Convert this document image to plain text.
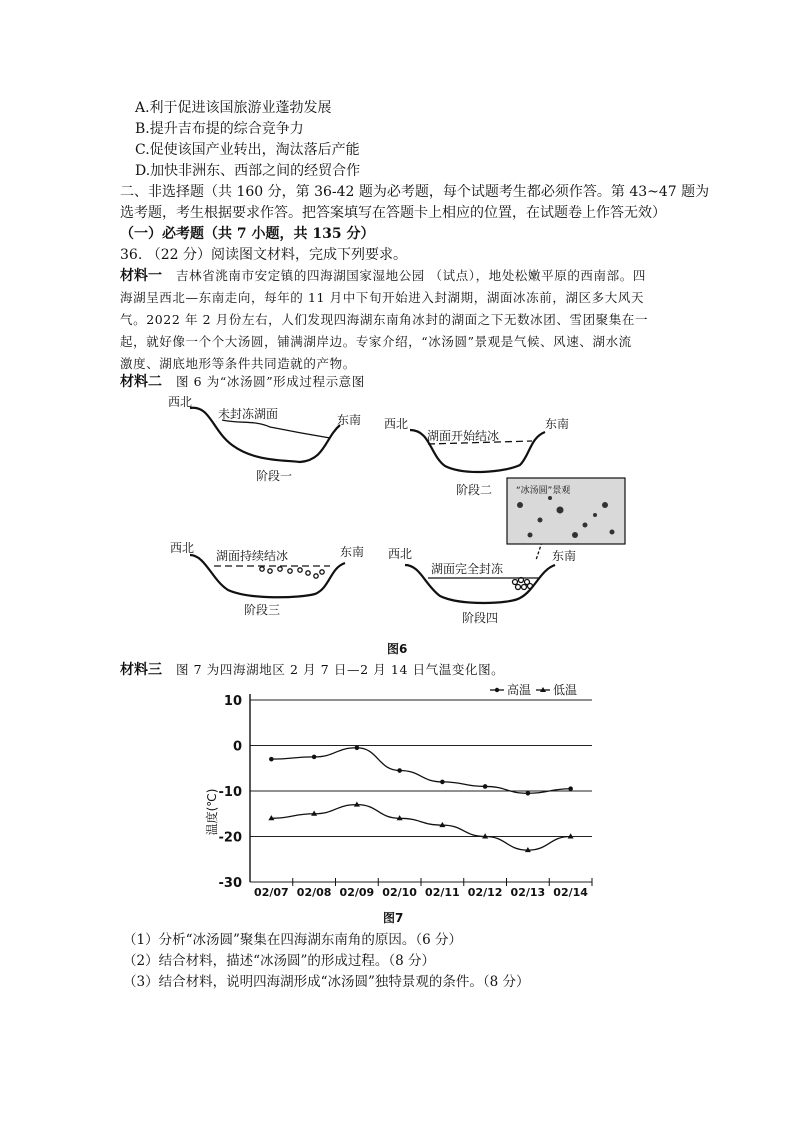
A.利于促进该国旅游业蓬勃发展
B.提升吉布提的综合竞争力
C.促使该国产业转出，淘汰落后产能
D.加快非洲东、西部之间的经贸合作
二、非选择题（共 160 分，第 36-42 题为必考题，每个试题考生都必须作答。第 43~47 题为
选考题，考生根据要求作答。把答案填写在答题卡上相应的位置，在试题卷上作答无效）
（一）必考题（共 7 小题，共 135 分）
36. （22 分）阅读图文材料，完成下列要求。
材料一 吉林省洮南市安定镇的四海湖国家湿地公园 （试点），地处松嫩平原的西南部。四
海湖呈西北—东南走向，每年的 11 月中下旬开始进入封湖期，湖面冰冻前，湖区多大风天
气。2022 年 2 月份左右，人们发现四海湖东南角冰封的湖面之下无数冰团、雪团聚集在一
起，就好像一个个大汤圆，铺满湖岸边。专家介绍，“冰汤圆”景观是气候、风速、湖水流
激度、湖底地形等条件共同造就的产物。
材料二 图 6 为“冰汤圆”形成过程示意图
“冰汤圆”景观
西北
东南
未封冻湖面
阶段一
西北	东南
湖面开始结冰
阶段二
西北	东南
湖面持续结冰
阶段三
西北	东南
湖面完全封冻
阶段四
图6
材料三 图 7 为四海湖地区 2 月 7 日—2 月 14 日气温变化图。
10
0
-10
-20
-30
02/07 02/08 02/09 02/10 02/11 02/12 02/13 02/14
高温 低温
温度(℃)
图7
（1）分析“冰汤圆”聚集在四海湖东南角的原因。（6 分）
（2）结合材料，描述“冰汤圆”的形成过程。（8 分）
（3）结合材料，说明四海湖形成“冰汤圆”独特景观的条件。（8 分）
